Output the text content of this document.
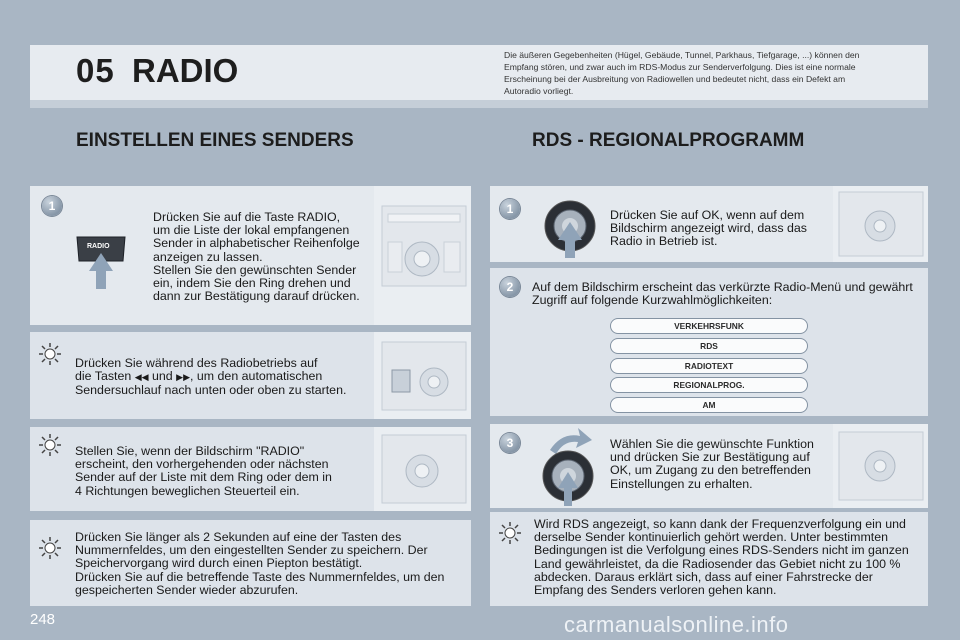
05 RADIO	Die äußeren Gegebenheiten (Hügel, Gebäude, Tunnel, Parkhaus, Tiefgarage, ...) können den Empfang stören, und zwar auch im RDS-Modus zur Senderverfolgung. Dies ist eine normale Erscheinung bei der Ausbreitung von Radiowellen und bedeutet nicht, dass ein Defekt am Autoradio vorliegt.
EINSTELLEN EINES SENDERS	RDS - REGIONALPROGRAMM
1
RADIO
Drücken Sie auf die Taste RADIO,
um die Liste der lokal empfangenen
Sender in alphabetischer Reihenfolge
anzeigen zu lassen.
Stellen Sie den gewünschten Sender
ein, indem Sie den Ring drehen und
dann zur Bestätigung darauf drücken.
Drücken Sie während des Radiobetriebs auf
die Tasten ◀◀ und ▶▶, um den automatischen
Sendersuchlauf nach unten oder oben zu starten.
Stellen Sie, wenn der Bildschirm "RADIO"
erscheint, den vorhergehenden oder nächsten
Sender auf der Liste mit dem Ring oder dem in
4 Richtungen beweglichen Steuerteil ein.
Drücken Sie länger als 2 Sekunden auf eine der Tasten des
Nummernfeldes, um den eingestellten Sender zu speichern. Der
Speichervorgang wird durch einen Piepton bestätigt.
Drücken Sie auf die betreffende Taste des Nummernfeldes, um den
gespeicherten Sender wieder abzurufen.
1	Drücken Sie auf OK, wenn auf dem
Bildschirm angezeigt wird, dass das
Radio in Betrieb ist.
2	Auf dem Bildschirm erscheint das verkürzte Radio-Menü und gewährt
Zugriff auf folgende Kurzwahlmöglichkeiten:
VERKEHRSFUNK
RDS
RADIOTEXT
REGIONALPROG.
AM
3	Wählen Sie die gewünschte Funktion
und drücken Sie zur Bestätigung auf
OK, um Zugang zu den betreffenden
Einstellungen zu erhalten.
Wird RDS angezeigt, so kann dank der Frequenzverfolgung ein und
derselbe Sender kontinuierlich gehört werden. Unter bestimmten
Bedingungen ist die Verfolgung eines RDS-Senders nicht im ganzen
Land gewährleistet, da die Radiosender das Gebiet nicht zu 100 %
abdecken. Daraus erklärt sich, dass auf einer Fahrstrecke der
Empfang des Senders verloren gehen kann.
248	carmanualsonline.info
